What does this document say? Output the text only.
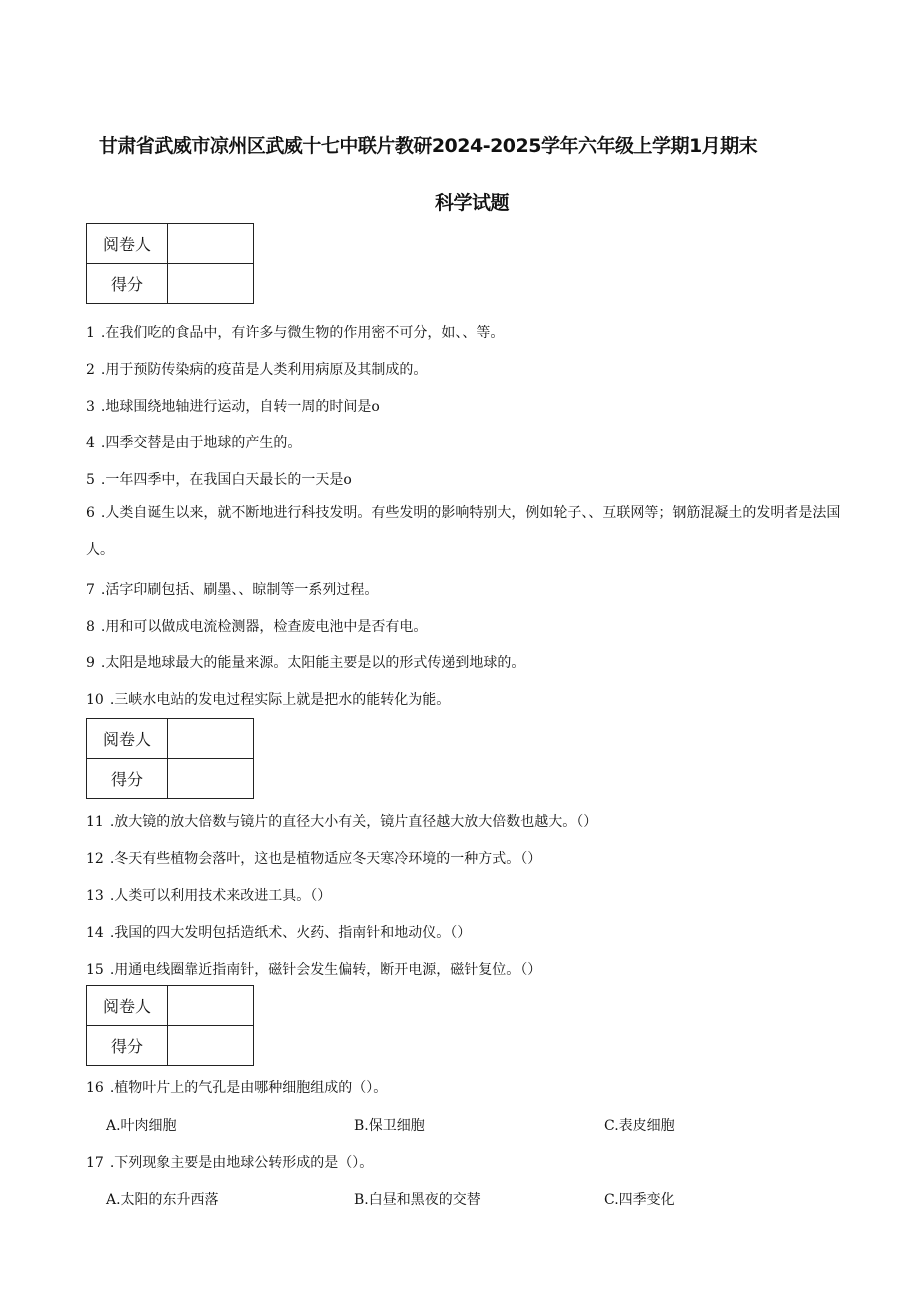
甘肃省武威市凉州区武威十七中联片教研2024-2025学年六年级上学期1月期末
科学试题
阅卷人	
得分	
1 .在我们吃的食品中，有许多与微生物的作用密不可分，如、、等。
2 .用于预防传染病的疫苗是人类利用病原及其制成的。
3 .地球围绕地轴进行运动，自转一周的时间是o
4 .四季交替是由于地球的产生的。
5 .一年四季中，在我国白天最长的一天是o
6 .人类自诞生以来，就不断地进行科技发明。有些发明的影响特别大，例如轮子、、互联网等；钢筋混凝土的发明者是法国人。
7 .活字印刷包括、刷墨、、晾制等一系列过程。
8 .用和可以做成电流检测器，检查废电池中是否有电。
9 .太阳是地球最大的能量来源。太阳能主要是以的形式传递到地球的。
10 .三峡水电站的发电过程实际上就是把水的能转化为能。
阅卷人	
得分	
11 .放大镜的放大倍数与镜片的直径大小有关，镜片直径越大放大倍数也越大。（）
12 .冬天有些植物会落叶，这也是植物适应冬天寒冷环境的一种方式。（）
13 .人类可以利用技术来改进工具。（）
14 .我国的四大发明包括造纸术、火药、指南针和地动仪。（）
15 .用通电线圈靠近指南针，磁针会发生偏转，断开电源，磁针复位。（）
阅卷人	
得分	
16 .植物叶片上的气孔是由哪种细胞组成的（）。
A.叶肉细胞	B.保卫细胞	C.表皮细胞
17 .下列现象主要是由地球公转形成的是（）。
A.太阳的东升西落	B.白昼和黑夜的交替	C.四季变化
